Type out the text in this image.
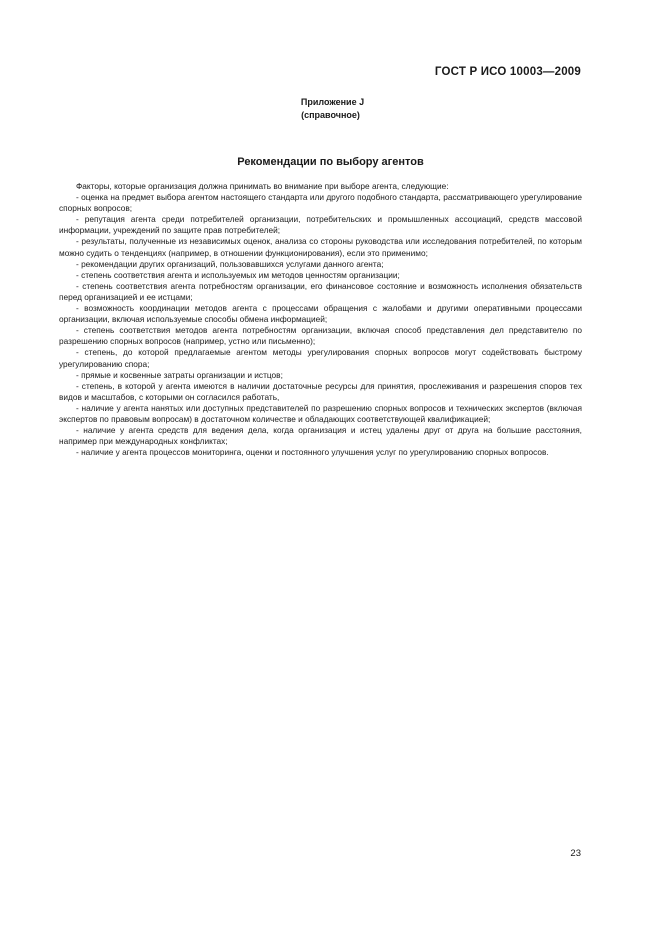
ГОСТ Р ИСО 10003—2009
Приложение J
(справочное)
Рекомендации по выбору агентов

Факторы, которые организация должна принимать во внимание при выборе агента, следующие:

- оценка на предмет выбора агентом настоящего стандарта или другого подобного стандарта, рассматривающего урегулирование спорных вопросов;

- репутация агента среди потребителей организации, потребительских и промышленных ассоциаций, средств массовой информации, учреждений по защите прав потребителей;

- результаты, полученные из независимых оценок, анализа со стороны руководства или исследования потребителей, по которым можно судить о тенденциях (например, в отношении функционирования), если это применимо;

- рекомендации других организаций, пользовавшихся услугами данного агента;

- степень соответствия агента и используемых им методов ценностям организации;

- степень соответствия агента потребностям организации, его финансовое состояние и возможность исполнения обязательств перед организацией и ее истцами;

- возможность координации методов агента с процессами обращения с жалобами и другими оперативными процессами организации, включая используемые способы обмена информацией;

- степень соответствия методов агента потребностям организации, включая способ представления дел представителю по разрешению спорных вопросов (например, устно или письменно);

- степень, до которой предлагаемые агентом методы урегулирования спорных вопросов могут содействовать быстрому урегулированию спора;

- прямые и косвенные затраты организации и истцов;

- степень, в которой у агента имеются в наличии достаточные ресурсы для принятия, прослеживания и разрешения споров тех видов и масштабов, с которыми он согласился работать,

- наличие у агента нанятых или доступных представителей по разрешению спорных вопросов и технических экспертов (включая экспертов по правовым вопросам) в достаточном количестве и обладающих соответствующей квалификацией;

- наличие у агента средств для ведения дела, когда организация и истец удалены друг от друга на большие расстояния, например при международных конфликтах;

- наличие у агента процессов мониторинга, оценки и постоянного улучшения услуг по урегулированию спорных вопросов.

23
